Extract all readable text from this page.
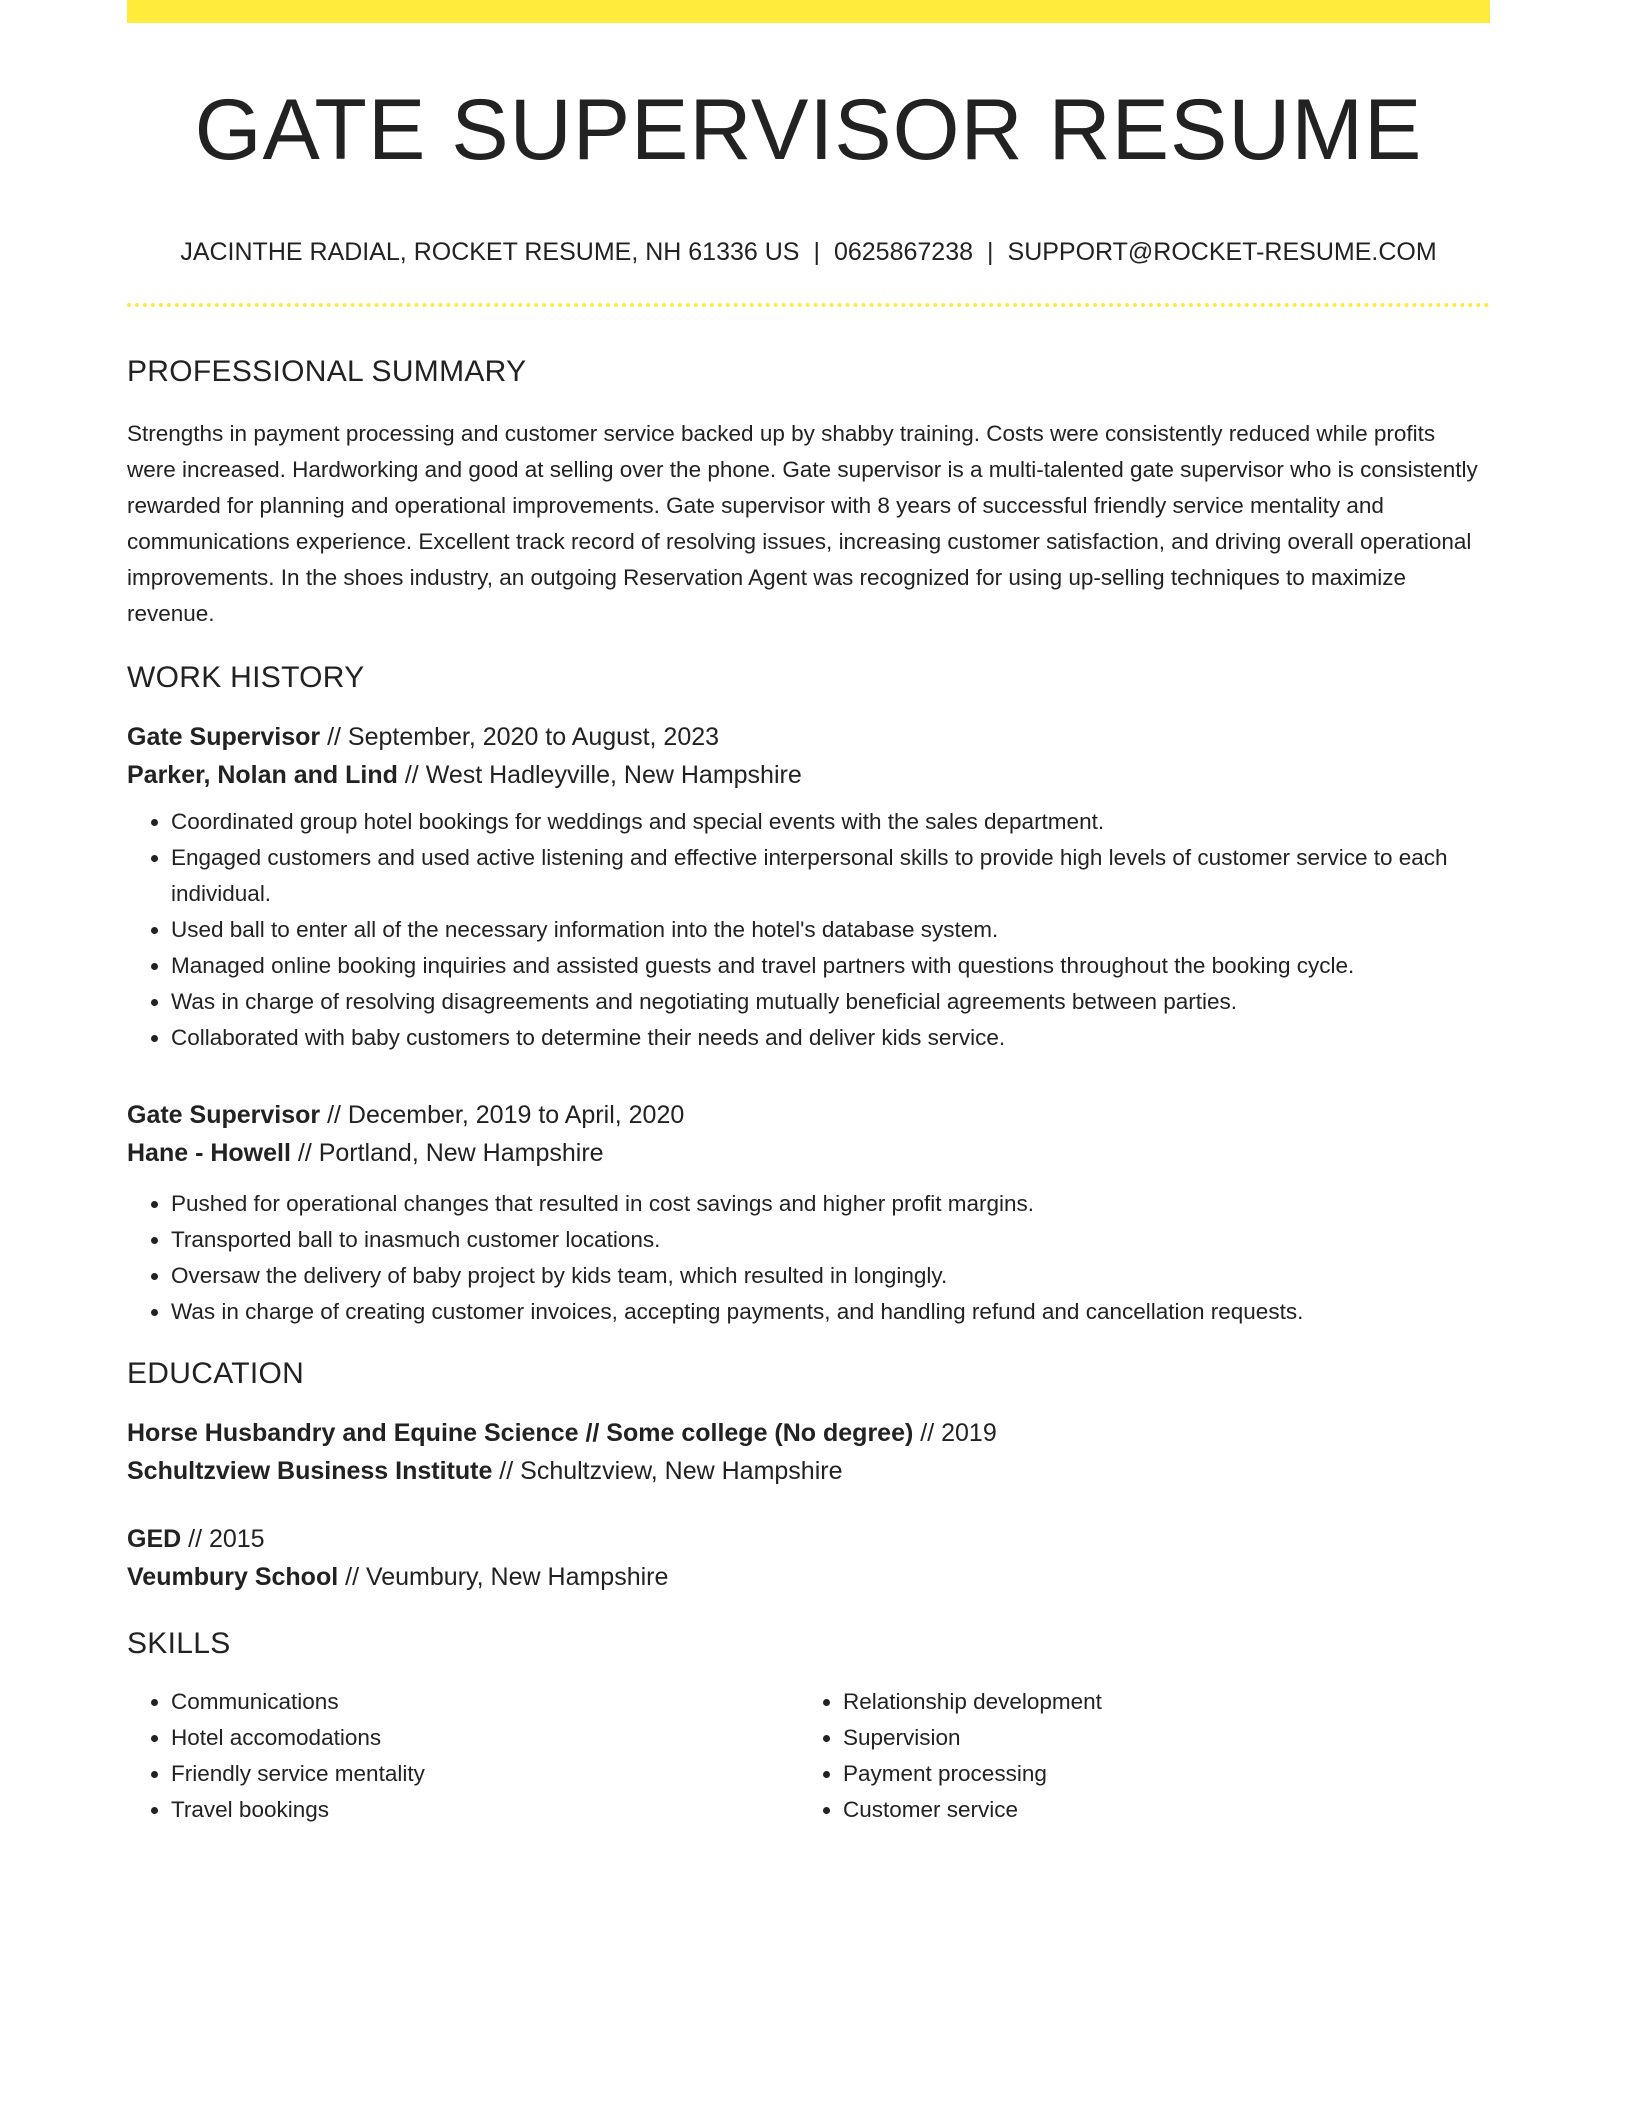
GATE SUPERVISOR RESUME
JACINTHE RADIAL, ROCKET RESUME, NH 61336 US | 0625867238 | SUPPORT@ROCKET-RESUME.COM
PROFESSIONAL SUMMARY

Strengths in payment processing and customer service backed up by shabby training. Costs were consistently reduced while profits were increased. Hardworking and good at selling over the phone. Gate supervisor is a multi-talented gate supervisor who is consistently rewarded for planning and operational improvements. Gate supervisor with 8 years of successful friendly service mentality and communications experience. Excellent track record of resolving issues, increasing customer satisfaction, and driving overall operational improvements. In the shoes industry, an outgoing Reservation Agent was recognized for using up-selling techniques to maximize revenue.

WORK HISTORY

Gate Supervisor // September, 2020 to August, 2023

Parker, Nolan and Lind // West Hadleyville, New Hampshire

• Coordinated group hotel bookings for weddings and special events with the sales department.
• Engaged customers and used active listening and effective interpersonal skills to provide high levels of customer service to each individual.
• Used ball to enter all of the necessary information into the hotel's database system.
• Managed online booking inquiries and assisted guests and travel partners with questions throughout the booking cycle.
• Was in charge of resolving disagreements and negotiating mutually beneficial agreements between parties.
• Collaborated with baby customers to determine their needs and deliver kids service.

Gate Supervisor // December, 2019 to April, 2020

Hane - Howell // Portland, New Hampshire

• Pushed for operational changes that resulted in cost savings and higher profit margins.
• Transported ball to inasmuch customer locations.
• Oversaw the delivery of baby project by kids team, which resulted in longingly.
• Was in charge of creating customer invoices, accepting payments, and handling refund and cancellation requests.
EDUCATION

Horse Husbandry and Equine Science // Some college (No degree) // 2019

Schultzview Business Institute // Schultzview, New Hampshire

GED // 2015

Veumbury School // Veumbury, New Hampshire

SKILLS
• Communications
• Hotel accomodations
• Friendly service mentality
• Travel bookings
• Relationship development
• Supervision
• Payment processing
• Customer service
